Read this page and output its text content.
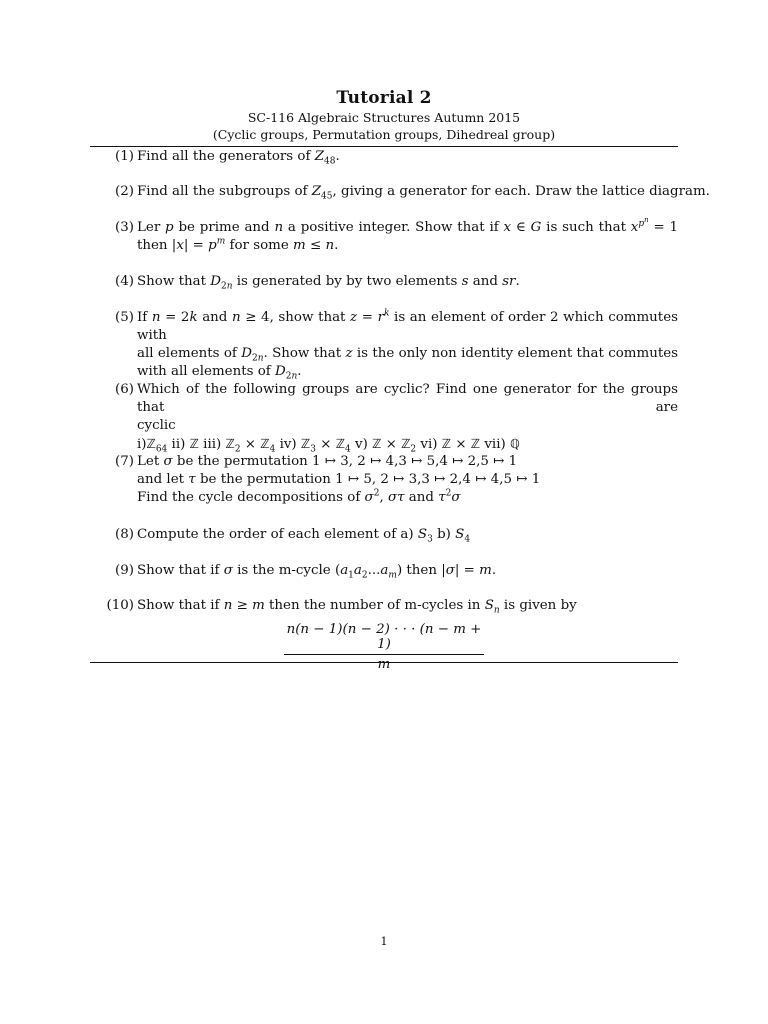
Tutorial 2
SC-116 Algebraic Structures Autumn 2015
(Cyclic groups, Permutation groups, Dihedreal group)
(1) Find all the generators of $Z_{48}$.
(2) Find all the subgroups of $Z_{45}$, giving a generator for each. Draw the lattice diagram.
(3) Ler p be prime and n a positive integer. Show that if x ∈ G is such that $x^{p^n} = 1$
then $|x| = p^m$ for some m ≤ n.
(4) Show that $D_{2n}$ is generated by by two elements s and sr.
(5) If n = 2k and n ≥ 4, show that $z = r^k$ is an element of order 2 which commutes with
all elements of $D_{2n}$. Show that z is the only non identity element that commutes
with all elements of $D_{2n}$.
(6) Which of the following groups are cyclic? Find one generator for the groups that are
cyclic
i)ℤ$_{64}$ ii) ℤ iii) ℤ$_2$ × ℤ$_4$ iv) ℤ$_3$ × ℤ$_4$ v) ℤ × ℤ$_2$ vi) ℤ × ℤ vii) ℚ
(7) Let σ be the permutation 1 ↦ 3, 2 ↦ 4,3 ↦ 5,4 ↦ 2,5 ↦ 1
and let τ be the permutation 1 ↦ 5, 2 ↦ 3,3 ↦ 2,4 ↦ 4,5 ↦ 1
Find the cycle decompositions of $\sigma^2$, στ and $\tau^2\sigma$
(8) Compute the order of each element of a) $S_3$ b) $S_4$
(9) Show that if σ is the m-cycle $(a_1a_2...a_m)$ then |σ| = m.
(10) Show that if n ≥ m then the number of m-cycles in $S_n$ is given by
$\frac{n(n - 1)(n - 2) \cdot \cdot \cdot (n - m + 1)}{m}$
1
